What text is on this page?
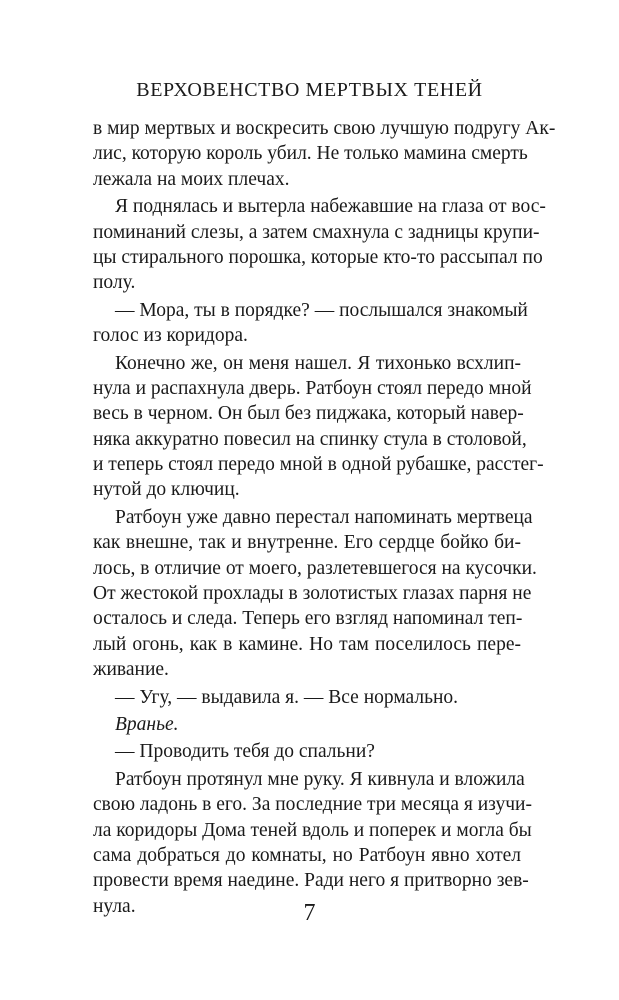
ВЕРХОВЕНСТВО МЕРТВЫХ ТЕНЕЙ
в мир мертвых и воскресить свою лучшую подругу Ак-
лис, которую король убил. Не только мамина смерть
лежала на моих плечах.
Я поднялась и вытерла набежавшие на глаза от вос-
поминаний слезы, а затем смахнула с задницы крупи-
цы стирального порошка, которые кто-то рассыпал по
полу.
— Мора, ты в порядке? — послышался знакомый
голос из коридора.
Конечно же, он меня нашел. Я тихонько всхлип-
нула и распахнула дверь. Ратбоун стоял передо мной
весь в черном. Он был без пиджака, который навер-
няка аккуратно повесил на спинку стула в столовой,
и теперь стоял передо мной в одной рубашке, расстег-
нутой до ключиц.
Ратбоун уже давно перестал напоминать мертвеца
как внешне, так и внутренне. Его сердце бойко би-
лось, в отличие от моего, разлетевшегося на кусочки.
От жестокой прохлады в золотистых глазах парня не
осталось и следа. Теперь его взгляд напоминал теп-
лый огонь, как в камине. Но там поселилось пере-
живание.
— Угу, — выдавила я. — Все нормально.
Вранье.
— Проводить тебя до спальни?
Ратбоун протянул мне руку. Я кивнула и вложила
свою ладонь в его. За последние три месяца я изучи-
ла коридоры Дома теней вдоль и поперек и могла бы
сама добраться до комнаты, но Ратбоун явно хотел
провести время наедине. Ради него я притворно зев-
нула.	7
